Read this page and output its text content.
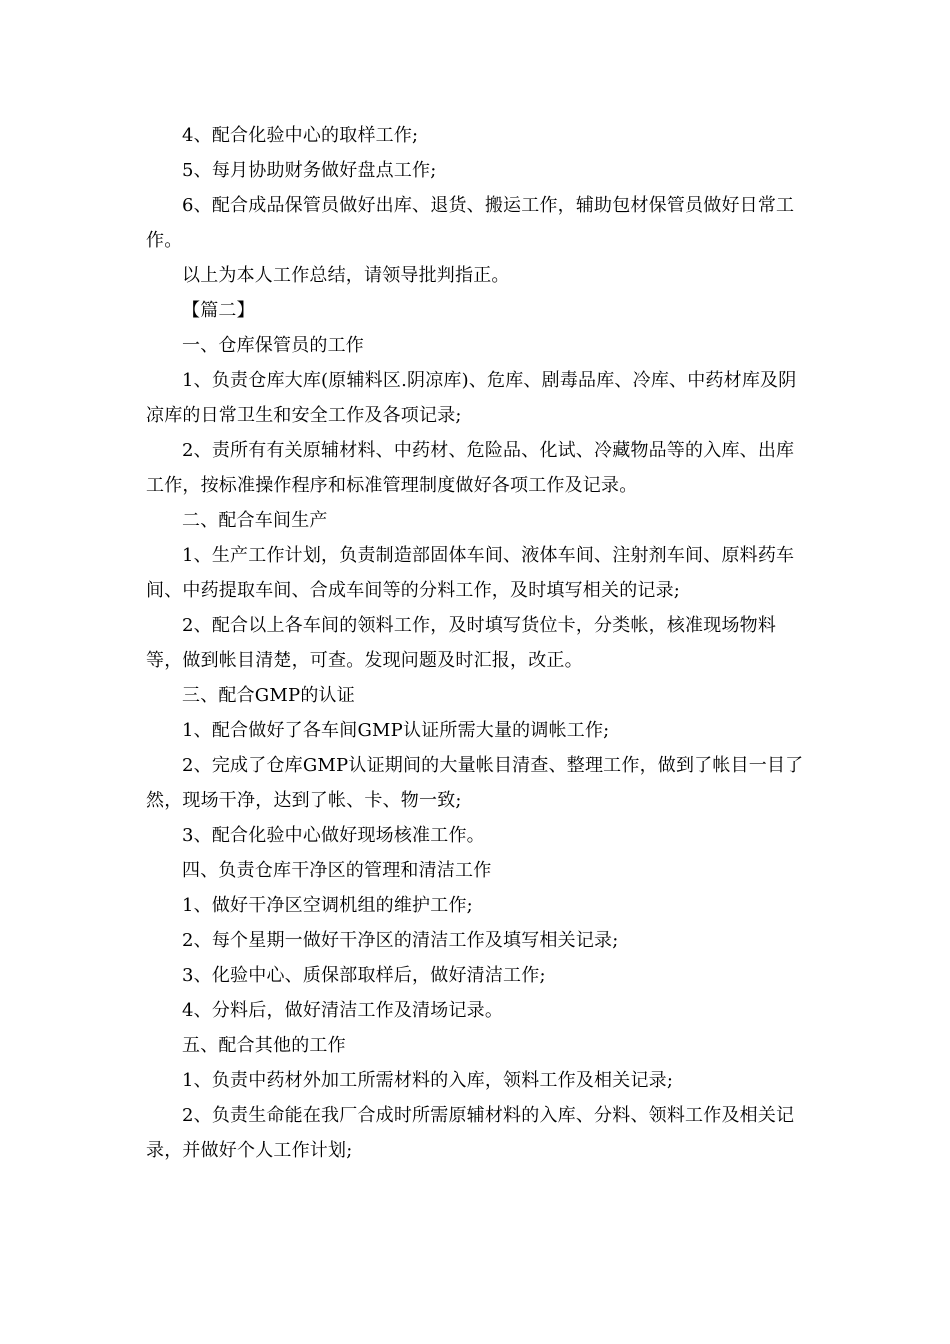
4、配合化验中心的取样工作;

5、每月协助财务做好盘点工作;

6、配合成品保管员做好出库、退货、搬运工作，辅助包材保管员做好日常工作。

以上为本人工作总结，请领导批判指正。

【篇二】

一、仓库保管员的工作

1、负责仓库大库(原辅料区.阴凉库)、危库、剧毒品库、冷库、中药材库及阴凉库的日常卫生和安全工作及各项记录;

2、责所有有关原辅材料、中药材、危险品、化试、冷藏物品等的入库、出库工作，按标准操作程序和标准管理制度做好各项工作及记录。

二、配合车间生产

1、生产工作计划，负责制造部固体车间、液体车间、注射剂车间、原料药车间、中药提取车间、合成车间等的分料工作，及时填写相关的记录;

2、配合以上各车间的领料工作，及时填写货位卡，分类帐，核准现场物料等，做到帐目清楚，可查。发现问题及时汇报，改正。

三、配合GMP的认证

1、配合做好了各车间GMP认证所需大量的调帐工作;

2、完成了仓库GMP认证期间的大量帐目清查、整理工作，做到了帐目一目了然，现场干净，达到了帐、卡、物一致;

3、配合化验中心做好现场核准工作。

四、负责仓库干净区的管理和清洁工作

1、做好干净区空调机组的维护工作;

2、每个星期一做好干净区的清洁工作及填写相关记录;

3、化验中心、质保部取样后，做好清洁工作;

4、分料后，做好清洁工作及清场记录。

五、配合其他的工作

1、负责中药材外加工所需材料的入库，领料工作及相关记录;

2、负责生命能在我厂合成时所需原辅材料的入库、分料、领料工作及相关记录，并做好个人工作计划;
